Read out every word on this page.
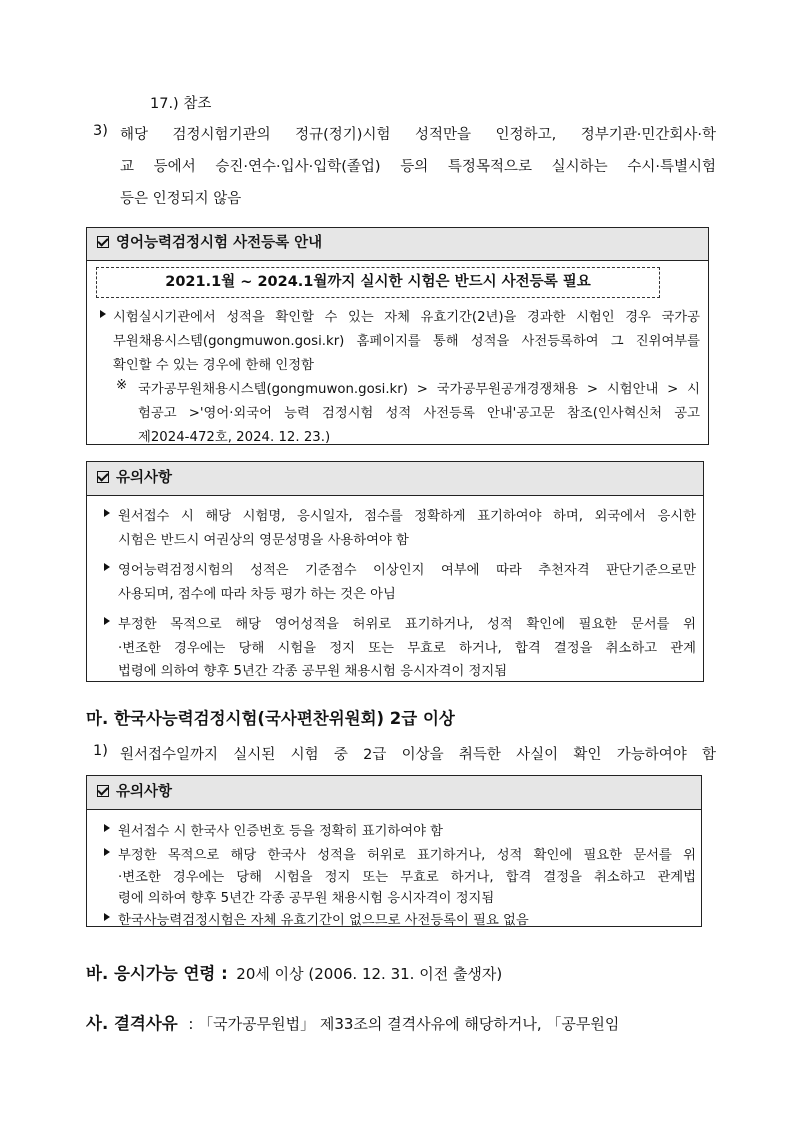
17.) 참조
3) 해당 검정시험기관의 정규(정기)시험 성적만을 인정하고, 정부기관·민간회사·학
교 등에서 승진·연수·입사·입학(졸업) 등의 특정목적으로 실시하는 수시·특별시험
등은 인정되지 않음
영어능력검정시험 사전등록 안내
2021.1월 ~ 2024.1월까지 실시한 시험은 반드시 사전등록 필요
시험실시기관에서 성적을 확인할 수 있는 자체 유효기간(2년)을 경과한 시험인 경우 국가공
무원채용시스템(gongmuwon.gosi.kr) 홈페이지를 통해 성적을 사전등록하여 그 진위여부를
확인할 수 있는 경우에 한해 인정함
※ 국가공무원채용시스템(gongmuwon.gosi.kr) > 국가공무원공개경쟁채용 > 시험안내 > 시
험공고 >'영어·외국어 능력 검정시험 성적 사전등록 안내'공고문 참조(인사혁신처 공고
제2024-472호, 2024. 12. 23.)
유의사항
원서접수 시 해당 시험명, 응시일자, 점수를 정확하게 표기하여야 하며, 외국에서 응시한
시험은 반드시 여권상의 영문성명을 사용하여야 함
영어능력검정시험의 성적은 기준점수 이상인지 여부에 따라 추천자격 판단기준으로만
사용되며, 점수에 따라 차등 평가 하는 것은 아님
부정한 목적으로 해당 영어성적을 허위로 표기하거나, 성적 확인에 필요한 문서를 위
·변조한 경우에는 당해 시험을 정지 또는 무효로 하거나, 합격 결정을 취소하고 관계
법령에 의하여 향후 5년간 각종 공무원 채용시험 응시자격이 정지됨
마. 한국사능력검정시험(국사편찬위원회) 2급 이상
1) 원서접수일까지 실시된 시험 중 2급 이상을 취득한 사실이 확인 가능하여야 함
유의사항
원서접수 시 한국사 인증번호 등을 정확히 표기하여야 함
부정한 목적으로 해당 한국사 성적을 허위로 표기하거나, 성적 확인에 필요한 문서를 위
·변조한 경우에는 당해 시험을 정지 또는 무효로 하거나, 합격 결정을 취소하고 관계법
령에 의하여 향후 5년간 각종 공무원 채용시험 응시자격이 정지됨
한국사능력검정시험은 자체 유효기간이 없으므로 사전등록이 필요 없음
바. 응시가능 연령 : 20세 이상 (2006. 12. 31. 이전 출생자)
사. 결격사유 : 「국가공무원법」 제33조의 결격사유에 해당하거나, 「공무원임
